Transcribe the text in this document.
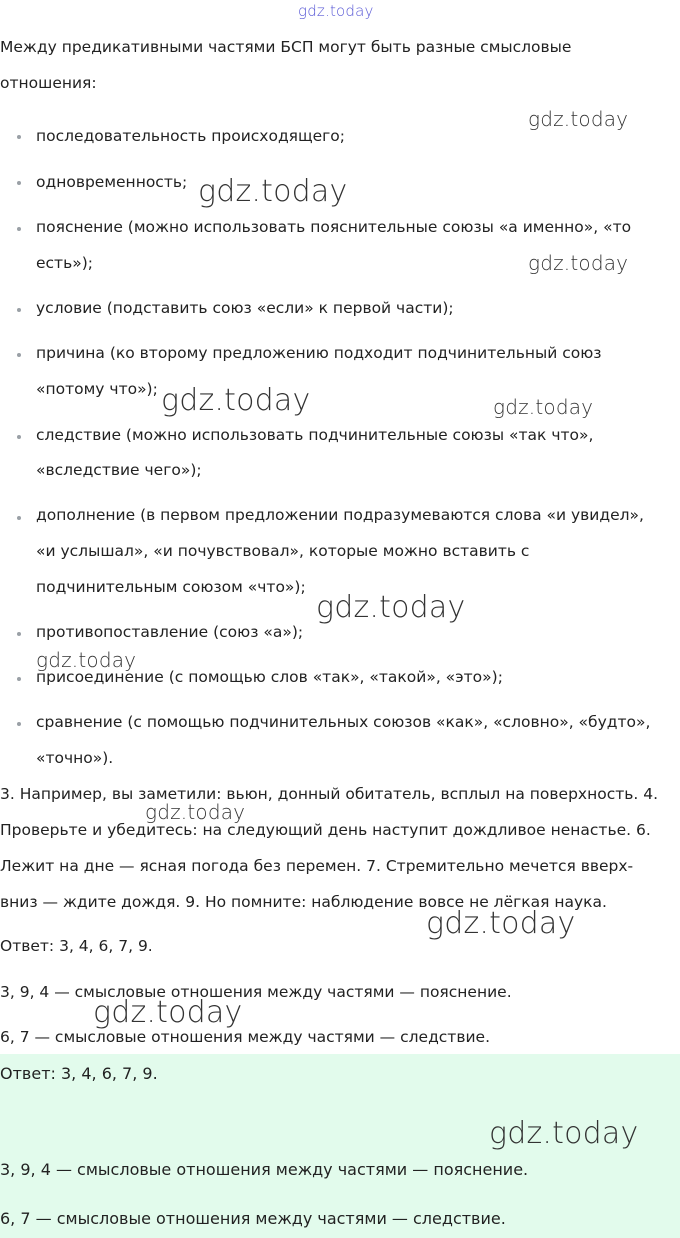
gdz.today
gdz.today
gdz.today
gdz.today
gdz.today	gdz.today
gdz.today
gdz.today
gdz.today
gdz.today
gdz.today

Между предикативными частями БСП могут быть разные смысловые

отношения:

последовательность происходящего;

одновременность;

пояснение (можно использовать пояснительные союзы «а именно», «то

есть»);

условие (подставить союз «если» к первой части);

причина (ко второму предложению подходит подчинительный союз

«потому что»);

следствие (можно использовать подчинительные союзы «так что»,

«вследствие чего»);

дополнение (в первом предложении подразумеваются слова «и увидел»,

«и услышал», «и почувствовал», которые можно вставить с

подчинительным союзом «что»);

противопоставление (союз «а»);

присоединение (с помощью слов «так», «такой», «это»);

сравнение (с помощью подчинительных союзов «как», «словно», «будто»,

«точно»).

3. Например, вы заметили: вьюн, донный обитатель, всплыл на поверхность. 4.

Проверьте и убедитесь: на следующий день наступит дождливое ненастье. 6.

Лежит на дне — ясная погода без перемен. 7. Стремительно мечется вверх-

вниз — ждите дождя. 9. Но помните: наблюдение вовсе не лёгкая наука.

Ответ: 3, 4, 6, 7, 9.

3, 9, 4 — смысловые отношения между частями — пояснение.

6, 7 — смысловые отношения между частями — следствие.

Ответ: 3, 4, 6, 7, 9.
gdz.today
3, 9, 4 — смысловые отношения между частями — пояснение.
6, 7 — смысловые отношения между частями — следствие.
